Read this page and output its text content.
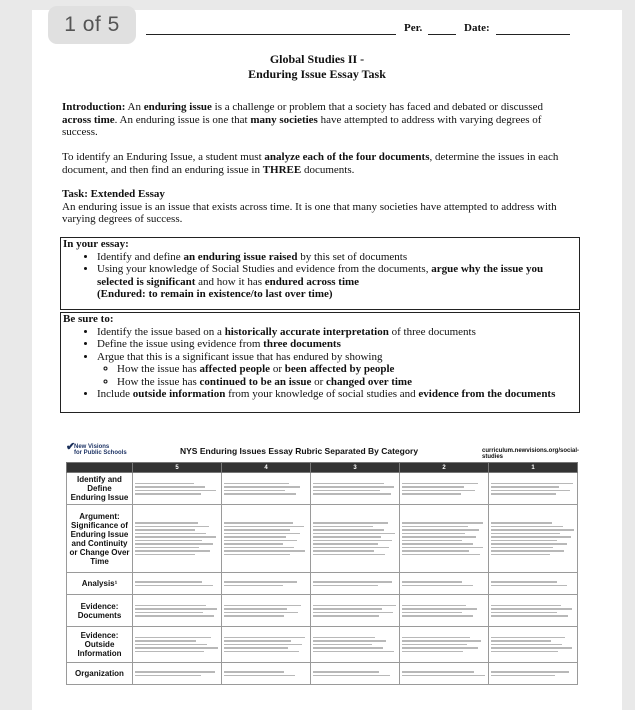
1 of 5	Per.	Date:
Global Studies II -
Enduring Issue Essay Task
Introduction: An enduring issue is a challenge or problem that a society has faced and debated or discussed across time. An enduring issue is one that many societies have attempted to address with varying degrees of success.
To identify an Enduring Issue, a student must analyze each of the four documents, determine the issues in each document, and then find an enduring issue in THREE documents.
Task: Extended Essay
An enduring issue is an issue that exists across time. It is one that many societies have attempted to address with varying degrees of success.
In your essay:
• Identify and define an enduring issue raised by this set of documents
• Using your knowledge of Social Studies and evidence from the documents, argue why the issue you selected is significant and how it has endured across time
(Endured: to remain in existence/to last over time)
Be sure to:
• Identify the issue based on a historically accurate interpretation of three documents
• Define the issue using evidence from three documents
• Argue that this is a significant issue that has endured by showing
◦ How the issue has affected people or been affected by people
◦ How the issue has continued to be an issue or changed over time
• Include outside information from your knowledge of social studies and evidence from the documents
✔
New Visions
for Public Schools	NYS Enduring Issues Essay Rubric Separated By Category	curriculum.newvisions.org/social-studies
	5	4	3	2	1
Identify and Define Enduring Issue	

Argument: Significance of Enduring Issue and Continuity or Change Over Time	

Analysis¹	

Evidence: Documents	

Evidence: Outside Information	

Organization	
